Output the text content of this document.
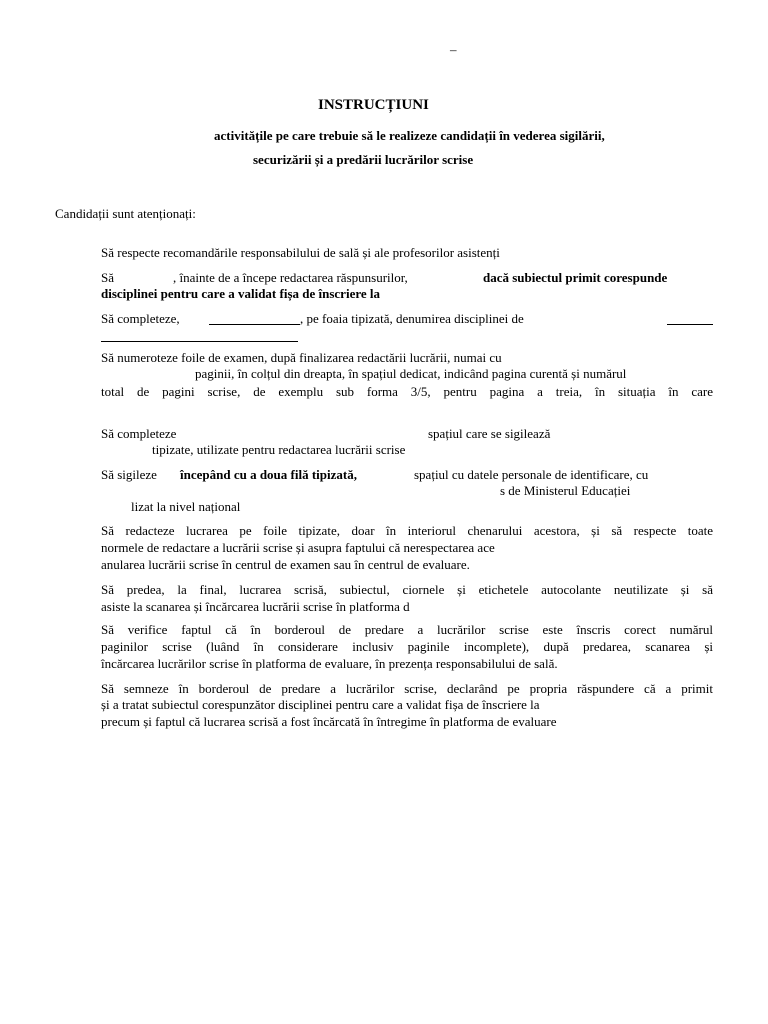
–
INSTRUCȚIUNI
activitățile pe care trebuie să le realizeze candidații în vederea sigilării,
securizării și a predării lucrărilor scrise
Candidații sunt atenționați:
Să respecte recomandările responsabilului de sală și ale profesorilor asistenți
Să	, înainte de a începe redactarea răspunsurilor,	dacă subiectul primit corespunde
disciplinei pentru care a validat fișa de înscriere la
Să completeze,	, pe foaia tipizată, denumirea disciplinei de
Să numeroteze foile de examen, după finalizarea redactării lucrării, numai cu
paginii, în colțul din dreapta, în spațiul dedicat, indicând pagina curentă și numărul
total de pagini scrise, de exemplu sub forma 3/5, pentru pagina a treia, în situația în care
Să completeze	spațiul care se sigilează
tipizate, utilizate pentru redactarea lucrării scrise
Să sigileze începând cu a doua filă tipizată,	spațiul cu datele personale de identificare, cu
s de Ministerul Educației
lizat la nivel național
Să redacteze lucrarea pe foile tipizate, doar în interiorul chenarului acestora, și să respecte toate
normele de redactare a lucrării scrise și asupra faptului că nerespectarea ace
anularea lucrării scrise în centrul de examen sau în centrul de evaluare.
Să predea, la final, lucrarea scrisă, subiectul, ciornele și etichetele autocolante neutilizate și să
asiste la scanarea și încărcarea lucrării scrise în platforma d
Să verifice faptul că în borderoul de predare a lucrărilor scrise este înscris corect numărul
paginilor scrise (luând în considerare inclusiv paginile incomplete), după predarea, scanarea și
încărcarea lucrărilor scrise în platforma de evaluare, în prezența responsabilului de sală.
Să semneze în borderoul de predare a lucrărilor scrise, declarând pe propria răspundere că a primit
și a tratat subiectul corespunzător disciplinei pentru care a validat fișa de înscriere la
precum și faptul că lucrarea scrisă a fost încărcată în întregime în platforma de evaluare
